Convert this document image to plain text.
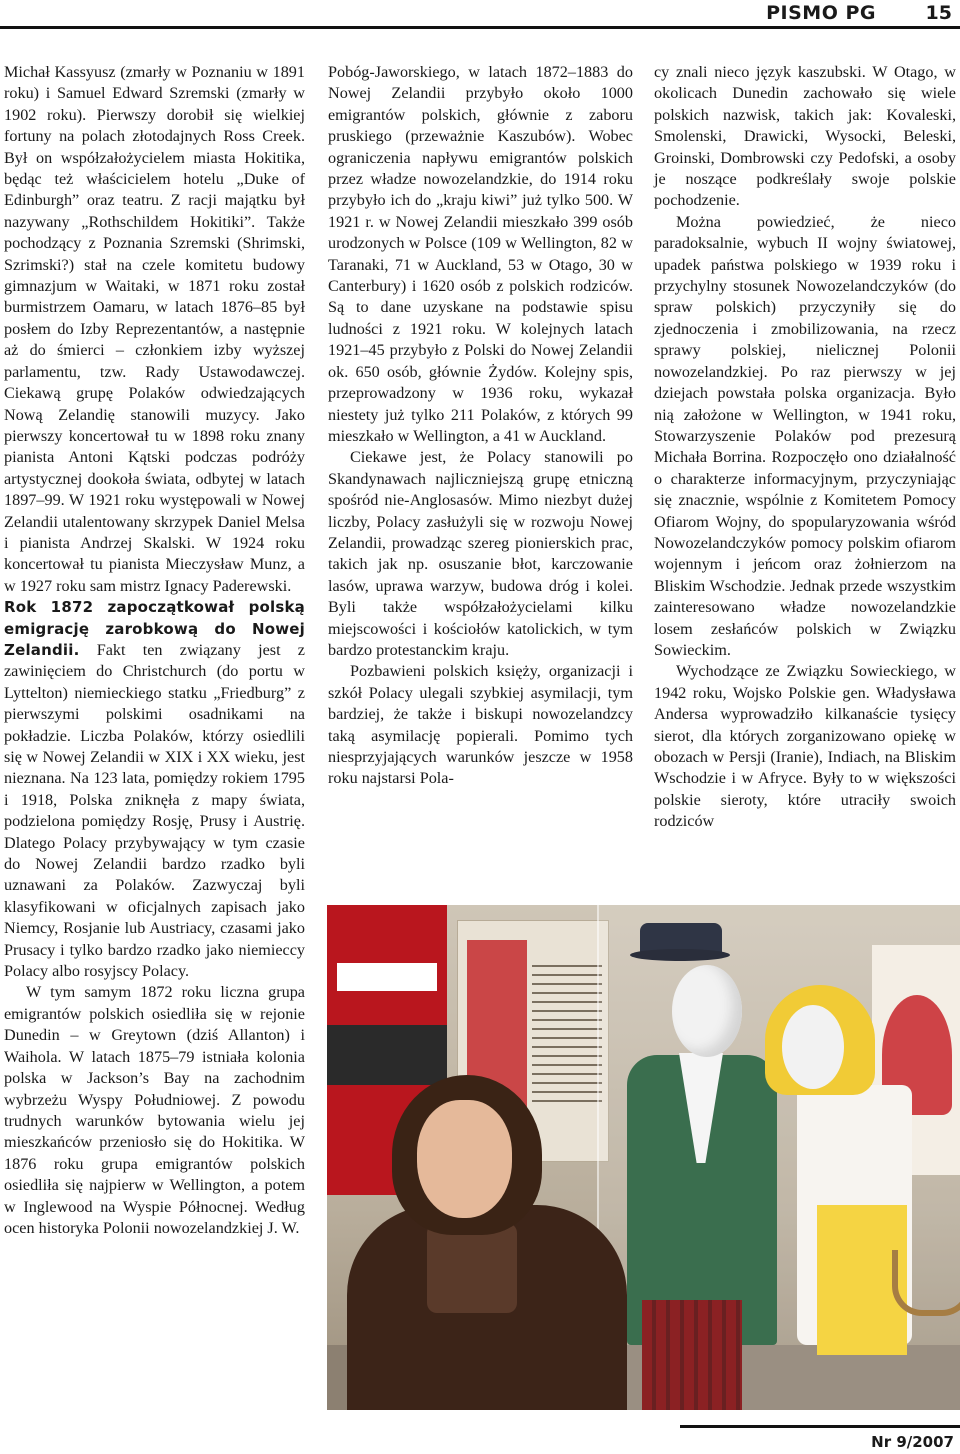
PISMO PG	15

Michał Kassyusz (zmarły w Poznaniu w 1891 roku) i Samuel Edward Szremski (zmarły w 1902 roku). Pierwszy dorobił się wielkiej fortuny na polach złotodajnych Ross Creek. Był on współzałożycielem miasta Hokitika, będąc też właścicielem hotelu „Duke of Edinburgh” oraz teatru. Z racji majątku był nazywany „Rothschildem Hokitiki”. Także pochodzący z Poznania Szremski (Shrimski, Szrimski?) stał na czele komitetu budowy gimnazjum w Waitaki, w 1871 roku został burmistrzem Oamaru, w latach 1876–85 był posłem do Izby Reprezentantów, a następnie aż do śmierci – członkiem izby wyższej parlamentu, tzw. Rady Ustawodawczej. Ciekawą grupę Polaków odwiedzających Nową Zelandię stanowili muzycy. Jako pierwszy koncertował tu w 1898 roku znany pianista Antoni Kątski podczas podróży artystycznej dookoła świata, odbytej w latach 1897–99. W 1921 roku występowali w Nowej Zelandii utalentowany skrzypek Daniel Melsa i pianista Andrzej Skalski. W 1924 roku koncertował tu pianista Mieczysław Munz, a w 1927 roku sam mistrz Ignacy Paderewski.

Rok 1872 zapoczątkował polską emigrację zarobkową do Nowej Zelandii. Fakt ten związany jest z zawinięciem do Christchurch (do portu w Lyttelton) niemieckiego statku „Friedburg” z pierwszymi polskimi osadnikami na pokładzie. Liczba Polaków, którzy osiedlili się w Nowej Zelandii w XIX i XX wieku, jest nieznana. Na 123 lata, pomiędzy rokiem 1795 i 1918, Polska zniknęła z mapy świata, podzielona pomiędzy Rosję, Prusy i Austrię. Dlatego Polacy przybywający w tym czasie do Nowej Zelandii bardzo rzadko byli uznawani za Polaków. Zazwyczaj byli klasyfikowani w oficjalnych zapisach jako Niemcy, Rosjanie lub Austriacy, czasami jako Prusacy i tylko bardzo rzadko jako niemieccy Polacy albo rosyjscy Polacy.

W tym samym 1872 roku liczna grupa emigrantów polskich osiedliła się w rejonie Dunedin – w Greytown (dziś Allanton) i Waihola. W latach 1875–79 istniała kolonia polska w Jackson’s Bay na zachodnim wybrzeżu Wyspy Południowej. Z powodu trudnych warunków bytowania wielu jej mieszkańców przeniosło się do Hokitika. W 1876 roku grupa emigrantów polskich osiedliła się najpierw w Wellington, a potem w Inglewood na Wyspie Północnej. Według ocen historyka Polonii nowozelandzkiej J. W.

Pobóg-Jaworskiego, w latach 1872–1883 do Nowej Zelandii przybyło około 1000 emigrantów polskich, głównie z zaboru pruskiego (przeważnie Kaszubów). Wobec ograniczenia napływu emigrantów polskich przez władze nowozelandzkie, do 1914 roku przybyło ich do „kraju kiwi” już tylko 500. W 1921 r. w Nowej Zelandii mieszkało 399 osób urodzonych w Polsce (109 w Wellington, 82 w Taranaki, 71 w Auckland, 53 w Otago, 30 w Canterbury) i 1620 osób z polskich rodziców. Są to dane uzyskane na podstawie spisu ludności z 1921 roku. W kolejnych latach 1921–45 przybyło z Polski do Nowej Zelandii ok. 650 osób, głównie Żydów. Kolejny spis, przeprowadzony w 1936 roku, wykazał niestety już tylko 211 Polaków, z których 99 mieszkało w Wellington, a 41 w Auckland.

Ciekawe jest, że Polacy stanowili po Skandynawach najliczniejszą grupę etniczną spośród nie-Anglosasów. Mimo niezbyt dużej liczby, Polacy zasłużyli się w rozwoju Nowej Zelandii, prowadząc szereg pionierskich prac, takich jak np. osuszanie błot, karczowanie lasów, uprawa warzyw, budowa dróg i kolei. Byli także współzałożycielami kilku miejscowości i kościołów katolickich, w tym bardzo protestanckim kraju.

Pozbawieni polskich księży, organizacji i szkół Polacy ulegali szybkiej asymilacji, tym bardziej, że także i biskupi nowozelandzcy taką asymilację popierali. Pomimo tych niesprzyjających warunków jeszcze w 1958 roku najstarsi Pola-

cy znali nieco język kaszubski. W Otago, w okolicach Dunedin zachowało się wiele polskich nazwisk, takich jak: Kovaleski, Smolenski, Drawicki, Wysocki, Beleski, Groinski, Dombrowski czy Pedofski, a osoby je noszące podkreślały swoje polskie pochodzenie.

Można powiedzieć, że nieco paradoksalnie, wybuch II wojny światowej, upadek państwa polskiego w 1939 roku i przychylny stosunek Nowozelandczyków (do spraw polskich) przyczyniły się do zjednoczenia i zmobilizowania, na rzecz sprawy polskiej, nielicznej Polonii nowozelandzkiej. Po raz pierwszy w jej dziejach powstała polska organizacja. Było nią założone w Wellington, w 1941 roku, Stowarzyszenie Polaków pod prezesurą Michała Borrina. Rozpoczęło ono działalność o charakterze informacyjnym, przyczyniając się znacznie, wspólnie z Komitetem Pomocy Ofiarom Wojny, do spopularyzowania wśród Nowozelandczyków pomocy polskim ofiarom wojennym i jeńcom oraz żołnierzom na Bliskim Wschodzie. Jednak przede wszystkim zainteresowano władze nowozelandzkie losem zesłańców polskich w Związku Sowieckim.

Wychodzące ze Związku Sowieckiego, w 1942 roku, Wojsko Polskie gen. Władysława Andersa wyprowadziło kilkanaście tysięcy sierot, dla których zorganizowano opiekę w obozach w Persji (Iranie), Indiach, na Bliskim Wschodzie i w Afryce. Były to w większości polskie sieroty, które utraciły swoich rodziców

Nr 9/2007
